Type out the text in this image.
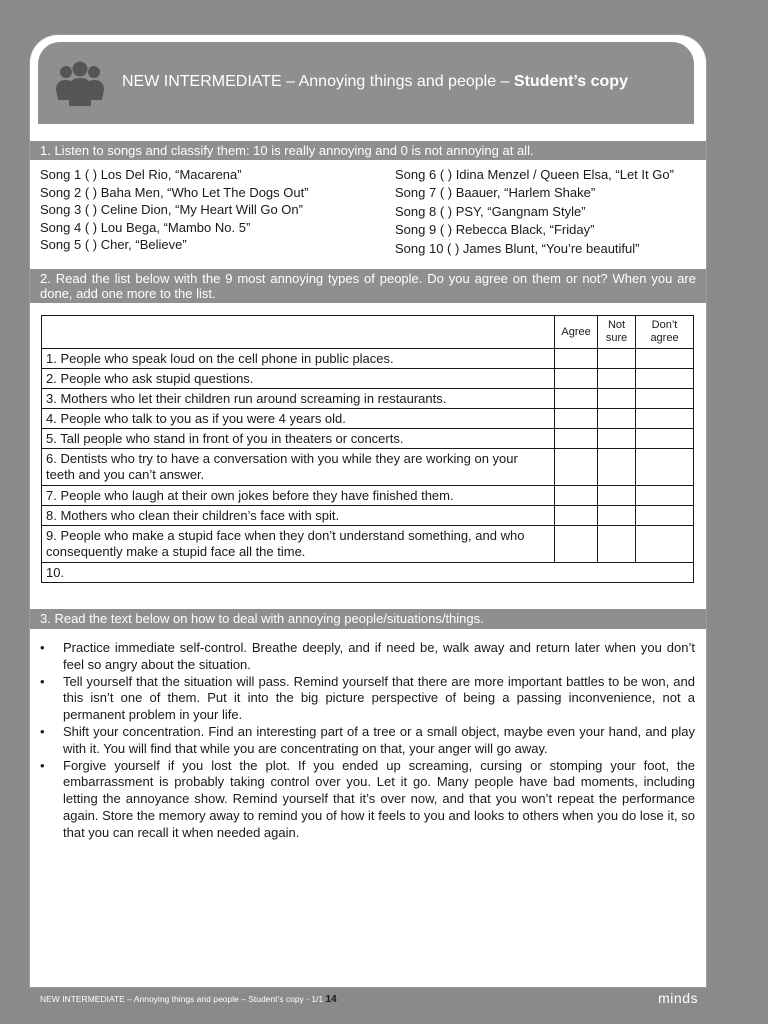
NEW INTERMEDIATE – Annoying things and people – Student’s copy
1. Listen to songs and classify them: 10 is really annoying and 0 is not annoying at all.
Song 1 ( ) Los Del Rio, “Macarena”
Song 2 ( ) Baha Men, “Who Let The Dogs Out”
Song 3 ( ) Celine Dion, “My Heart Will Go On”
Song 4 ( ) Lou Bega, “Mambo No. 5”
Song 5 ( ) Cher, “Believe”
Song 6 ( ) Idina Menzel / Queen Elsa, “Let It Go”
Song 7 ( ) Baauer, “Harlem Shake”
Song 8 ( ) PSY, “Gangnam Style”
Song 9 ( ) Rebecca Black, “Friday”
Song 10 ( ) James Blunt, “You’re beautiful”
2. Read the list below with the 9 most annoying types of people. Do you agree on them or not? When you are done, add one more to the list.
	Agree	Not sure	Don’t agree
1. People who speak loud on the cell phone in public places.			
2. People who ask stupid questions.			
3. Mothers who let their children run around screaming in restaurants.			
4. People who talk to you as if you were 4 years old.			
5. Tall people who stand in front of you in theaters or concerts.			
6. Dentists who try to have a conversation with you while they are working on your teeth and you can’t answer.			
7. People who laugh at their own jokes before they have finished them.			
8. Mothers who clean their children’s face with spit.			
9. People who make a stupid face when they don’t understand something, and who consequently make a stupid face all the time.			
10.			
3. Read the text below on how to deal with annoying people/situations/things.
• Practice immediate self-control. Breathe deeply, and if need be, walk away and return later when you don’t feel so angry about the situation.
• Tell yourself that the situation will pass. Remind yourself that there are more important battles to be won, and this isn’t one of them. Put it into the big picture perspective of being a passing inconvenience, not a permanent problem in your life.
• Shift your concentration. Find an interesting part of a tree or a small object, maybe even your hand, and play with it. You will find that while you are concentrating on that, your anger will go away.
• Forgive yourself if you lost the plot. If you ended up screaming, cursing or stomping your foot, the embarrassment is probably taking control over you. Let it go. Many people have bad moments, including letting the annoyance show. Remind yourself that it’s over now, and that you won’t repeat the performance again. Store the memory away to remind you of how it feels to you and looks to others when you do lose it, so that you can recall it when needed again.
NEW INTERMEDIATE – Annoying things and people – Student’s copy - 1/1 14	minds
